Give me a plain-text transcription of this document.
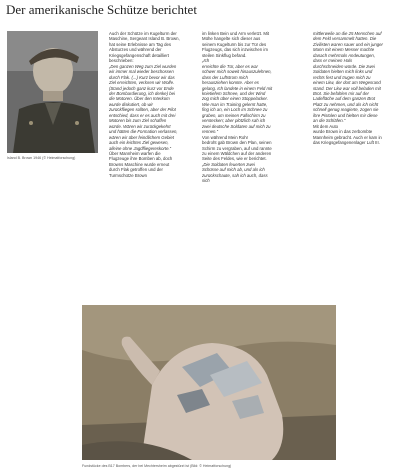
Der amerikanische Schütze berichtet
Island B. Brown 1946 (© Heimatforschung)

Auch der Schütze im Kugelturm der
Maschine, Sergeant Island B. Brown,
hat seine Erlebnisse am Tag des
Absturzes und während der
Kriegsgefangenschaft detailliert
beschrieben:

„Den ganzen Weg zum Ziel wurden
wir immer mal wieder beschossen
durch Flak. (...) Kurz bevor wir das
Ziel erreichten, verloren wir Wolfe.
(Stand jedoch ganz kurz vor Ende
der Bombardierung, ich denke) bei
die Motoren. Über den Interkom
wurde diskutiert, ob wir
zurückfliegen sollten, aber der Pilot
entschied, dass er es auch mit drei
Motoren bis zum Ziel schaffen
würde. Wären wir zurückgekehrt
und hätten die Formation verlassen,
wären wir über feindlichem Gebiet
auch ein leichtes Ziel gewesen,
alleine ohne Jagdfliegereskorte.“

Über Mannheim warfen die
Flugzeuge ihre Bomben ab, doch
Browns Maschine wurde erneut
durch Flak getroffen und der
Turmschütze Brown

im linken Bein und Arm verletzt. Mit
Mühe hangelte sich dieser aus
seinem Kugelturm bis zur Tür des
Flugzeugs, das sich inzwischen im
steilen Sinkflug befand.

„Ich
erreichte die Tür, aber es war
schwer mich soweit hinauszulehnen,
dass der Luftstrom mich
herausziehen konnte. Aber es
gelang. Ich landete in einem Feld mit
knietiefem Schnee, und der Wind
zog mich über einen Stoppelacker.
Wie man im Training gelernt hatte,
fing ich an, ein Loch im Schnee zu
graben, um meinen Fallschirm zu
verstecken; aber plötzlich sah ich
zwei deutsche Soldaten auf mich zu
rennen.“

Von während Mein Rohr
bedroht gab Brown den Plan, seinen
Schirm zu vergraben, auf und rannte
zu einem Wäldchen auf der anderen
Seite des Feldes, wie er berichtet.

„Die Soldaten feuerten zwei
Schüsse auf mich ab, und als ich
zurückschaute, sah ich auch, dass
sich

mittlerweile an die 25 Menschen auf
dem Feld versammelt hatten. Die
Zivilisten waren sauer und ein junger
Mann mit einem Messer machte
danach mehrmals Andeutungen,
dass er meinen Hals
durchschneiden würde. Die zwei
Soldaten hielten mich links und
rechts fest und trugen mich zu
einem Lkw, der dort am Wegesrand
stand. Der Lkw war voll beladen mit
Brot. Sie befahlen mir auf der
Ladefläche auf dem ganzen Brot
Platz zu nehmen, und als ich nicht
schnell genug reagierte, zogen sie
ihre Pistolen und hielten mir diese
an die Schläfen.“

Mit dem Auto
wurde Brown in das zerbombte
Mannheim gebracht. Auch er kam in
das Kriegsgefangenenlager Luft III.

Fundstücke des B17 Bombers, der bei Mechtersheim abgestürzt ist (Bild: © Heimatforschung)
